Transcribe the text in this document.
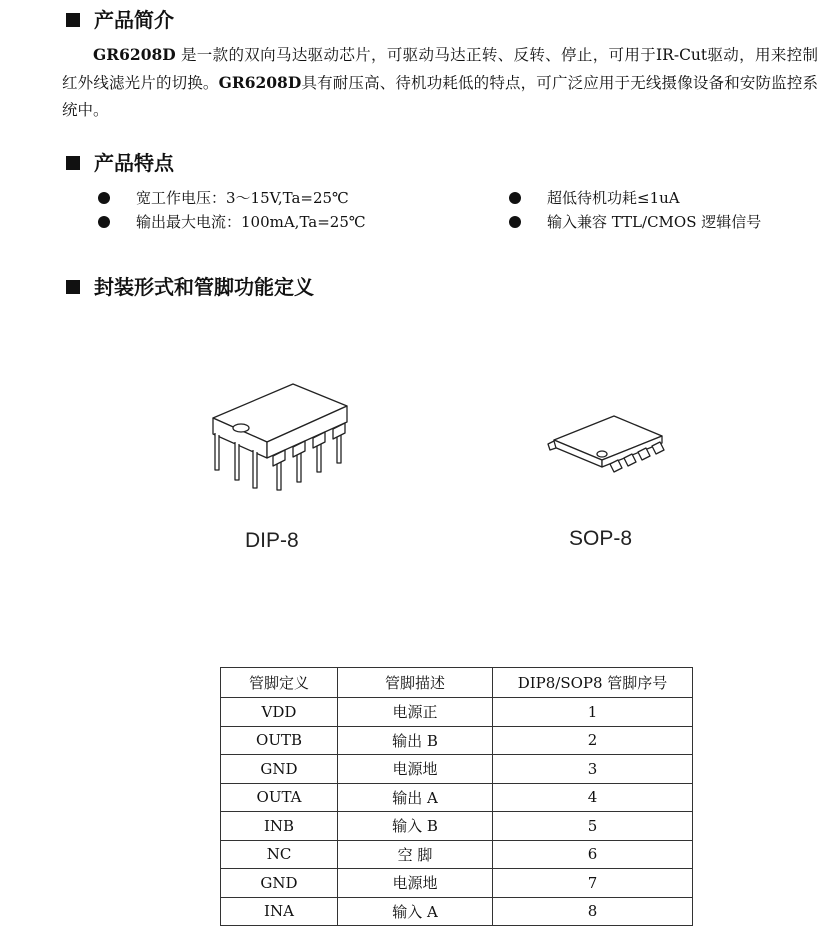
产品简介
GR6208D 是一款的双向马达驱动芯片，可驱动马达正转、反转、停止，可用于IR-Cut驱动，用来控制红外线滤光片的切换。GR6208D具有耐压高、待机功耗低的特点，可广泛应用于无线摄像设备和安防监控系统中。
产品特点
宽工作电压：3～15V,Ta=25℃	超低待机功耗≤1uA
输出最大电流：100mA,Ta=25℃	输入兼容 TTL/CMOS 逻辑信号
封装形式和管脚功能定义
DIP-8	SOP-8
管脚定义	管脚描述	DIP8/SOP8 管脚序号
VDD	电源正	1
OUTB	输出 B	2
GND	电源地	3
OUTA	输出 A	4
INB	输入 B	5
NC	空 脚	6
GND	电源地	7
INA	输入 A	8
